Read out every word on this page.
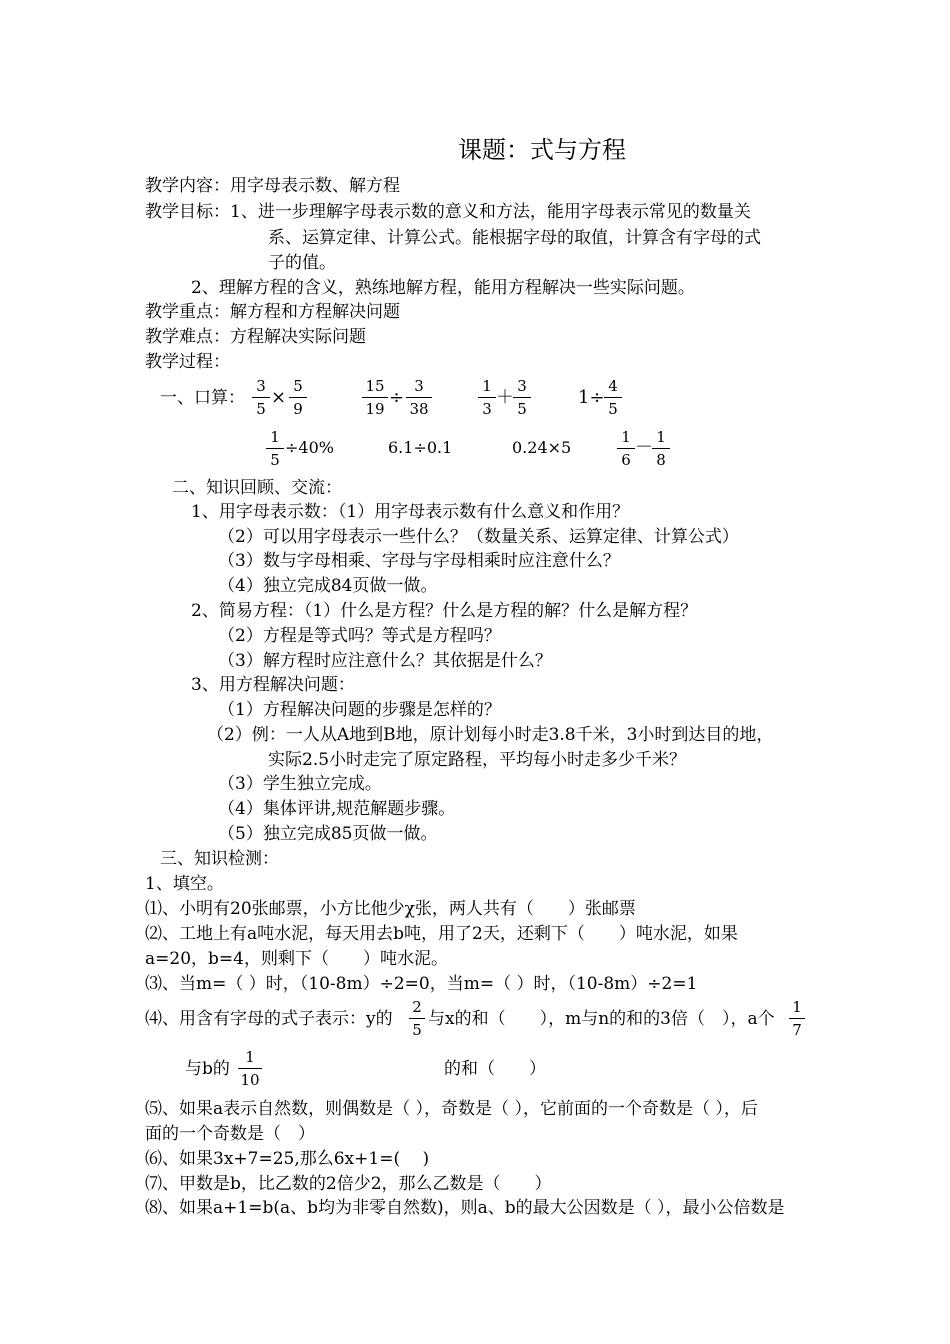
课题：式与方程
教学内容：用字母表示数、解方程
教学目标：1、进一步理解字母表示数的意义和方法，能用字母表示常见的数量关
系、运算定律、计算公式。能根据字母的取值，计算含有字母的式
子的值。
2、理解方程的含义，熟练地解方程，能用方程解决一些实际问题。
教学重点：解方程和方程解决问题
教学难点：方程解决实际问题
教学过程：
一、口算：
3
5
×
5
9
15
19
÷
3
38
1
3
＋
3
5
1÷
4
5
1
5
÷40%	6.1÷0.1	0.24×5
1
6
－ 1
8
二、知识回顾、交流：
1、用字母表示数：（1）用字母表示数有什么意义和作用？
（2）可以用字母表示一些什么？（数量关系、运算定律、计算公式）
（3）数与字母相乘、字母与字母相乘时应注意什么？
（4）独立完成84页做一做。
2、简易方程：（1）什么是方程？什么是方程的解？什么是解方程？
（2）方程是等式吗？等式是方程吗？
（3）解方程时应注意什么？其依据是什么？
3、用方程解决问题：
（1）方程解决问题的步骤是怎样的？
（2）例：一人从A地到B地，原计划每小时走3.8千米，3小时到达目的地，
实际2.5小时走完了原定路程，平均每小时走多少千米？
（3）学生独立完成。
（4）集体评讲,规范解题步骤。
（5）独立完成85页做一做。
三、知识检测：
1、填空。
⑴、小明有20张邮票，小方比他少χ张，两人共有（　　）张邮票
⑵、工地上有a吨水泥，每天用去b吨，用了2天，还剩下（　　）吨水泥，如果
a=20，b=4，则剩下（　　）吨水泥。
⑶、当m=（ ）时，（10-8m）÷2=0，当m=（ ）时，（10-8m）÷2=1
⑷、用含有字母的式子表示：y的
2
5
与x的和（　　），m与n的和的3倍（　），a个
1
7
与b的
1
10
的和（　　）
⑸、如果a表示自然数，则偶数是（ ），奇数是（ ），它前面的一个奇数是（ ），后
面的一个奇数是（　）
⑹、如果3x+7=25,那么6x+1=(　 )
⑺、甲数是b，比乙数的2倍少2，那么乙数是（　　）
⑻、如果a+1=b(a、b均为非零自然数)，则a、b的最大公因数是（ ），最小公倍数是
